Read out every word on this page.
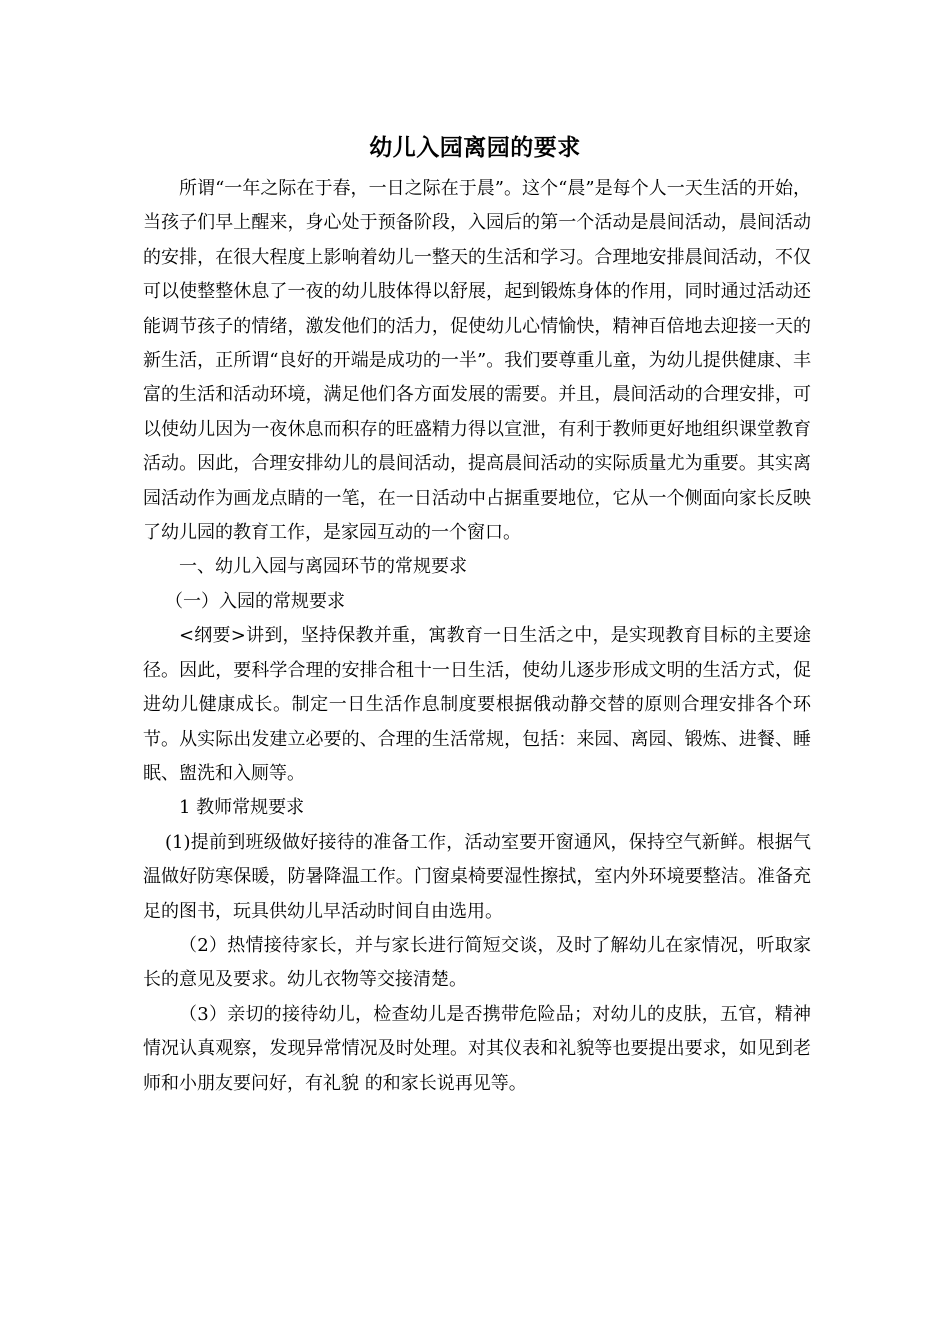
幼儿入园离园的要求

所谓“一年之际在于春，一日之际在于晨”。这个“晨”是每个人一天生活的开始，当孩子们早上醒来，身心处于预备阶段，入园后的第一个活动是晨间活动，晨间活动的安排，在很大程度上影响着幼儿一整天的生活和学习。合理地安排晨间活动，不仅可以使整整休息了一夜的幼儿肢体得以舒展，起到锻炼身体的作用，同时通过活动还能调节孩子的情绪，激发他们的活力，促使幼儿心情愉快，精神百倍地去迎接一天的新生活，正所谓“良好的开端是成功的一半”。我们要尊重儿童，为幼儿提供健康、丰富的生活和活动环境，满足他们各方面发展的需要。并且，晨间活动的合理安排，可以使幼儿因为一夜休息而积存的旺盛精力得以宣泄，有利于教师更好地组织课堂教育活动。因此，合理安排幼儿的晨间活动，提高晨间活动的实际质量尤为重要。其实离园活动作为画龙点睛的一笔，在一日活动中占据重要地位，它从一个侧面向家长反映了幼儿园的教育工作，是家园互动的一个窗口。

一、幼儿入园与离园环节的常规要求

（一）入园的常规要求

<纲要>讲到，坚持保教并重，寓教育一日生活之中，是实现教育目标的主要途径。因此，要科学合理的安排合租十一日生活，使幼儿逐步形成文明的生活方式，促进幼儿健康成长。制定一日生活作息制度要根据俄动静交替的原则合理安排各个环节。从实际出发建立必要的、合理的生活常规，包括：来园、离园、锻炼、进餐、睡眠、盥洗和入厕等。

1 教师常规要求

(1)提前到班级做好接待的准备工作，活动室要开窗通风，保持空气新鲜。根据气温做好防寒保暖，防暑降温工作。门窗桌椅要湿性擦拭，室内外环境要整洁。准备充足的图书，玩具供幼儿早活动时间自由选用。

（2）热情接待家长，并与家长进行简短交谈，及时了解幼儿在家情况，听取家长的意见及要求。幼儿衣物等交接清楚。

（3）亲切的接待幼儿，检查幼儿是否携带危险品；对幼儿的皮肤，五官，精神情况认真观察，发现异常情况及时处理。对其仪表和礼貌等也要提出要求，如见到老师和小朋友要问好，有礼貌 的和家长说再见等。
